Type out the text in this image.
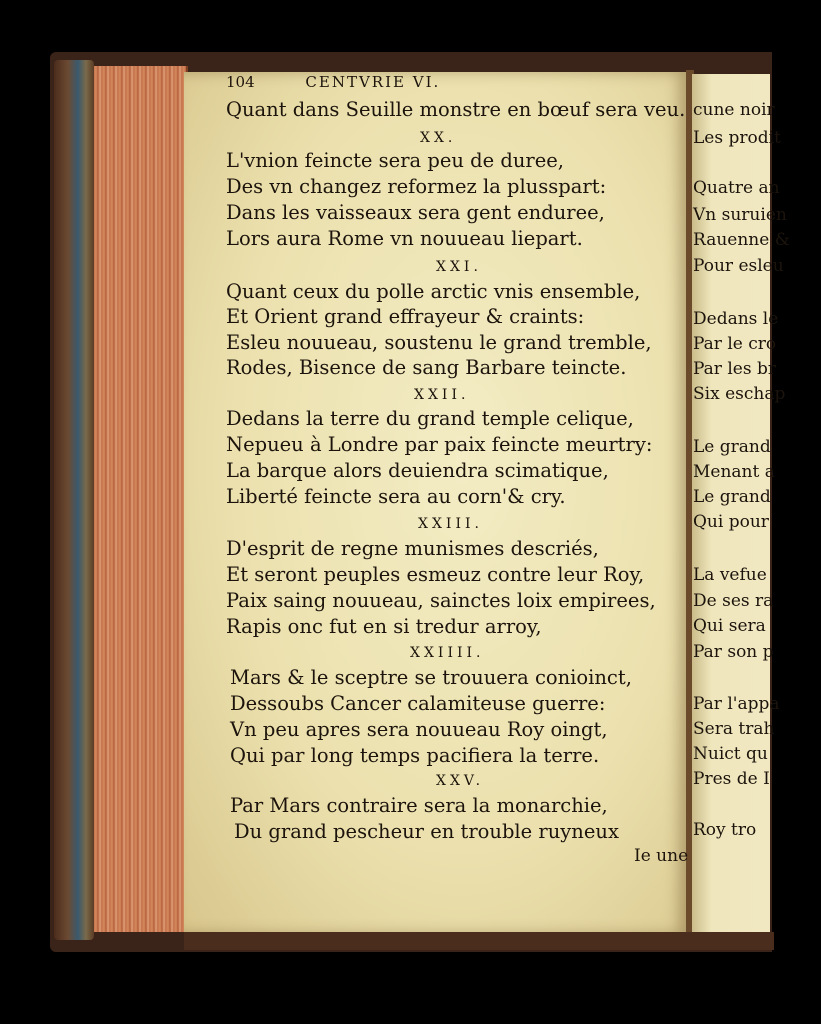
104	CENTVRIE VI.
Quant dans Seuille monstre en bœuf sera veu.
XX.
L'vnion feincte sera peu de duree,
Des vn changez reformez la plusspart:
Dans les vaisseaux sera gent enduree,
Lors aura Rome vn nouueau liepart.
XXI.
Quant ceux du polle arctic vnis ensemble,
Et Orient grand effrayeur & craints:
Esleu nouueau, soustenu le grand tremble,
Rodes, Bisence de sang Barbare teincte.
XXII.
Dedans la terre du grand temple celique,
Nepueu à Londre par paix feincte meurtry:
La barque alors deuiendra scimatique,
Liberté feincte sera au corn'& cry.
XXIII.
D'esprit de regne munismes descriés,
Et seront peuples esmeuz contre leur Roy,
Paix saing nouueau, sainctes loix empirees,
Rapis onc fut en si tredur arroy,
XXIIII.
Mars & le sceptre se trouuera conioinct,
Dessoubs Cancer calamiteuse guerre:
Vn peu apres sera nouueau Roy oingt,
Qui par long temps pacifiera la terre.
XXV.
Par Mars contraire sera la monarchie,
Du grand pescheur en trouble ruyneux
Ie une
cune noir
Les prodit
Quatre an
Vn suruien
Rauenne &
Pour esleu
Dedans le
Par le cro
Par les br
Six eschap
Le grand
Menant a
Le grand
Qui pour
La vefue
De ses ra
Qui sera
Par son p
Par l'appa
Sera trah
Nuict qu
Pres de I
Roy tro
